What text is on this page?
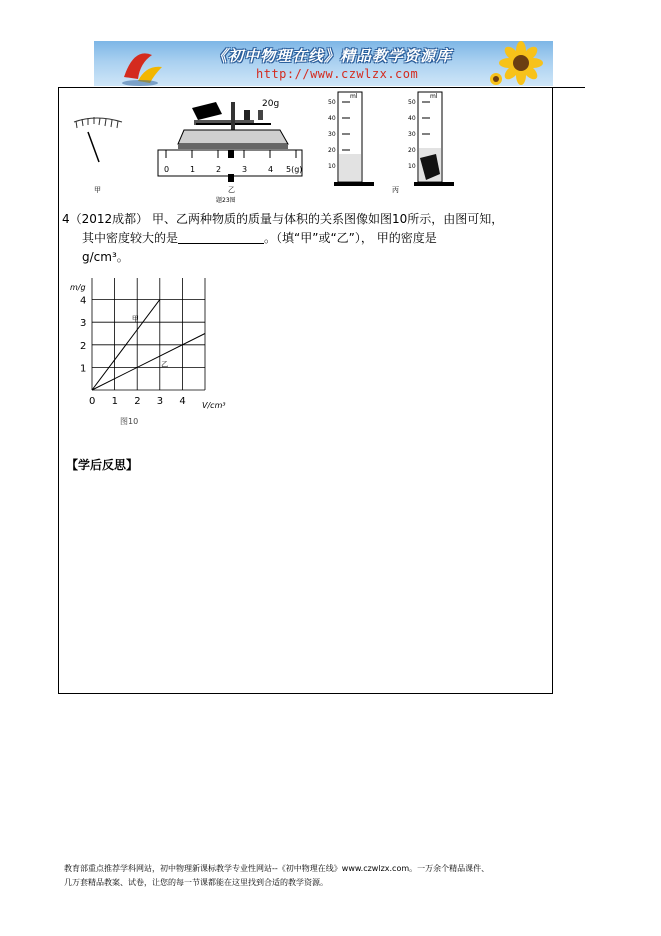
《初中物理在线》精品教学资源库
http://www.czwlzx.com
甲
20g
0	1	2	3	4 5(g)
乙
题23图
ml
50
40
30
20
10
ml
50
40
30
20
10
丙
4（2012成都） 甲、乙两种物质的质量与体积的关系图像如图10所示，由图可知，
其中密度较大的是	。（填“甲”或“乙”）， 甲的密度是
g/cm³。
甲
乙
0 1 2 3 4
1
2
3
4
m/g
V/cm³
图10
【学后反思】
教育部重点推荐学科网站，初中物理新课标教学专业性网站--《初中物理在线》www.czwlzx.com。一万余个精品课件、
几万套精品教案、试卷，让您的每一节课都能在这里找到合适的教学资源。
